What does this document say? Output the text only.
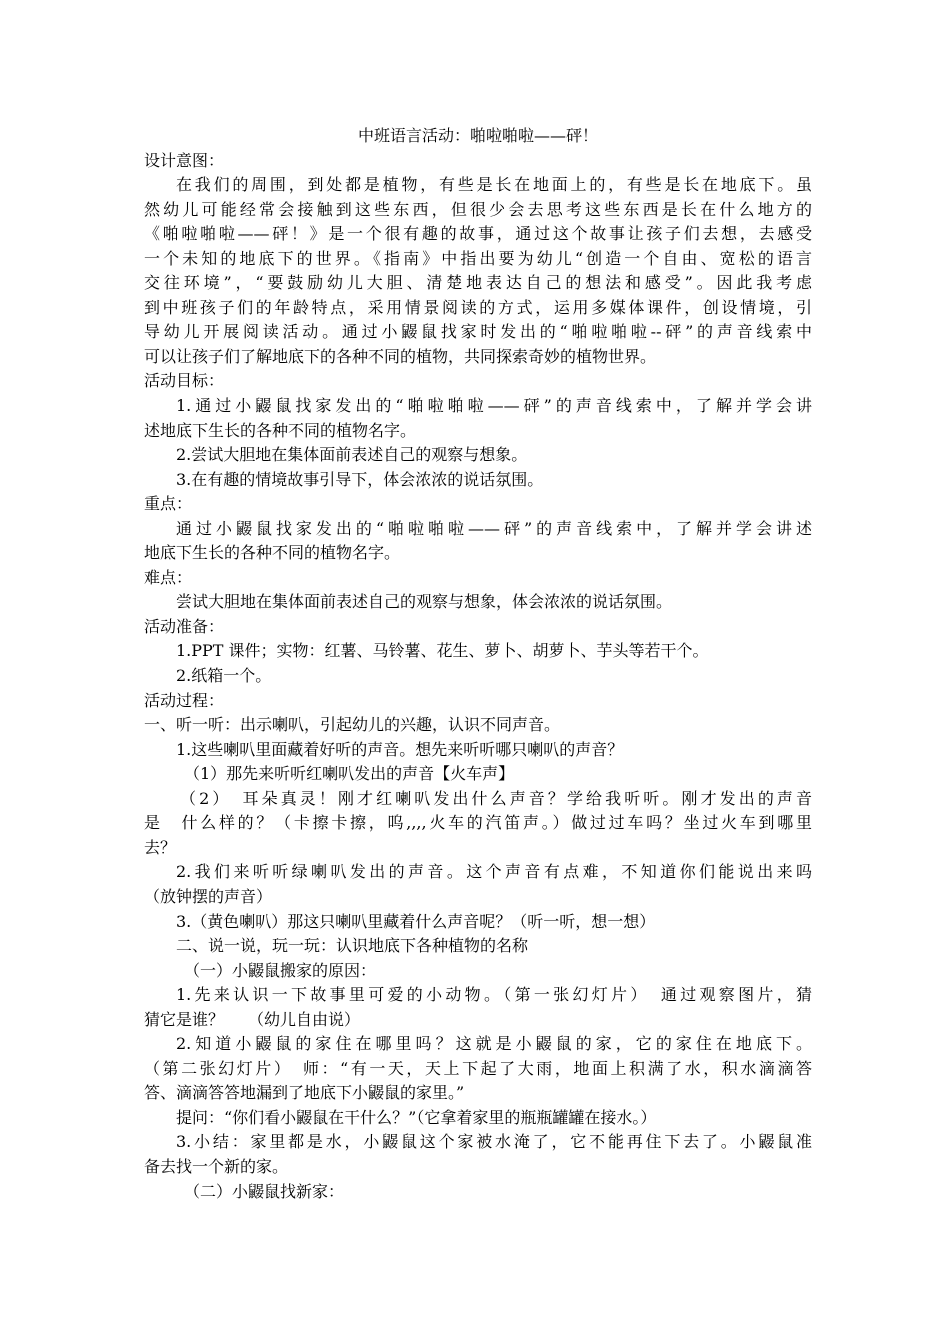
中班语言活动：啪啦啪啦——砰！
设计意图：
在我们的周围，到处都是植物，有些是长在地面上的，有些是长在地底下。虽
然幼儿可能经常会接触到这些东西，但很少会去思考这些东西是长在什么地方的
《啪啦啪啦——砰！》是一个很有趣的故事，通过这个故事让孩子们去想，去感受
一个未知的地底下的世界。《指南》中指出要为幼儿“创造一个自由、宽松的语言
交往环境”，“要鼓励幼儿大胆、清楚地表达自己的想法和感受”。因此我考虑
到中班孩子们的年龄特点，采用情景阅读的方式，运用多媒体课件，创设情境，引
导幼儿开展阅读活动。通过小鼹鼠找家时发出的“啪啦啪啦--砰”的声音线索中
可以让孩子们了解地底下的各种不同的植物，共同探索奇妙的植物世界。
活动目标：
1.通过小鼹鼠找家发出的“啪啦啪啦——砰”的声音线索中，了解并学会讲
述地底下生长的各种不同的植物名字。
2.尝试大胆地在集体面前表述自己的观察与想象。
3.在有趣的情境故事引导下，体会浓浓的说话氛围。
重点：
通过小鼹鼠找家发出的“啪啦啪啦——砰”的声音线索中，了解并学会讲述
地底下生长的各种不同的植物名字。
难点：
尝试大胆地在集体面前表述自己的观察与想象，体会浓浓的说话氛围。
活动准备：
1.PPT 课件；实物：红薯、马铃薯、花生、萝卜、胡萝卜、芋头等若干个。
2.纸箱一个。
活动过程：
一、听一听：出示喇叭，引起幼儿的兴趣，认识不同声音。
1.这些喇叭里面藏着好听的声音。想先来听听哪只喇叭的声音？
（1）那先来听听红喇叭发出的声音【火车声】
（2）　耳朵真灵！刚才红喇叭发出什么声音？学给我听听。刚才发出的声音
是　什么样的？（卡擦卡擦，呜,,,,火车的汽笛声。）做过过车吗？坐过火车到哪里
去？
2.我们来听听绿喇叭发出的声音。这个声音有点难，不知道你们能说出来吗
（放钟摆的声音）
3.（黄色喇叭）那这只喇叭里藏着什么声音呢？（听一听，想一想）
二、说一说，玩一玩：认识地底下各种植物的名称
（一）小鼹鼠搬家的原因：
1.先来认识一下故事里可爱的小动物。（第一张幻灯片）　通过观察图片，猜
猜它是谁？　　（幼儿自由说）
2.知道小鼹鼠的家住在哪里吗？这就是小鼹鼠的家，它的家住在地底下。
（第二张幻灯片）　师：“有一天，天上下起了大雨，地面上积满了水，积水滴滴答
答、滴滴答答地漏到了地底下小鼹鼠的家里。”
提问：“你们看小鼹鼠在干什么？”（它拿着家里的瓶瓶罐罐在接水。）
3.小结：家里都是水，小鼹鼠这个家被水淹了，它不能再住下去了。小鼹鼠准
备去找一个新的家。
（二）小鼹鼠找新家：
